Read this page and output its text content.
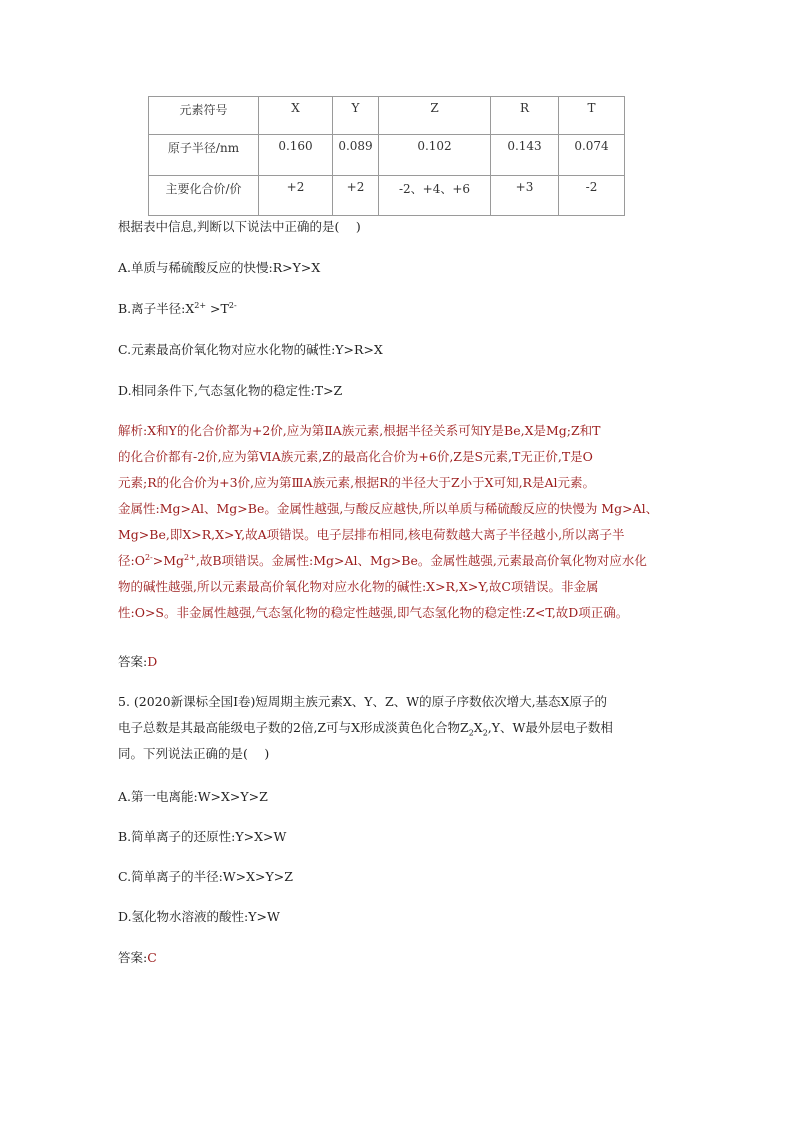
元素符号	X	Y	Z	R	T
原子半径/nm	0.160	0.089	0.102	0.143	0.074
主要化合价/价	+2	+2	-2、+4、+6	+3	-2
根据表中信息,判断以下说法中正确的是(　 )
A.单质与稀硫酸反应的快慢:R>Y>X
B.离子半径$:X^{2+} >T^{2-}$
C.元素最高价氧化物对应水化物的碱性:Y>R>X
D.相同条件下,气态氢化物的稳定性:T>Z
解析:X和Y的化合价都为+2价,应为第ⅡA族元素,根据半径关系可知Y是Be,X是Mg;Z和T
的化合价都有-2价,应为第ⅥA族元素,Z的最高化合价为+6价,Z是S元素,T无正价,T是O
元素;R的化合价为+3价,应为第ⅢA族元素,根据R的半径大于Z小于X可知,R是Al元素。
金属性:Mg>Al、Mg>Be。金属性越强,与酸反应越快,所以单质与稀硫酸反应的快慢为 Mg>Al、
Mg>Be,即X>R,X>Y,故A项错误。电子层排布相同,核电荷数越大离子半径越小,所以离子半
径$:O^{2-}>Mg^{2+}$,故B项错误。金属性:Mg>Al、Mg>Be。金属性越强,元素最高价氧化物对应水化
物的碱性越强,所以元素最高价氧化物对应水化物的碱性:X>R,X>Y,故C项错误。非金属
性:O>S。非金属性越强,气态氢化物的稳定性越强,即气态氢化物的稳定性:Z<T,故D项正确。
答案:D
5. (2020新课标全国Ⅰ卷)短周期主族元素X、Y、Z、W的原子序数依次增大,基态X原子的
电子总数是其最高能级电子数的2倍,Z可与X形成淡黄色化合物$Z_2X_2,Y$、W最外层电子数相
同。下列说法正确的是(　 )
A.第一电离能:W>X>Y>Z
B.简单离子的还原性:Y>X>W
C.简单离子的半径:W>X>Y>Z
D.氢化物水溶液的酸性:Y>W
答案:C
